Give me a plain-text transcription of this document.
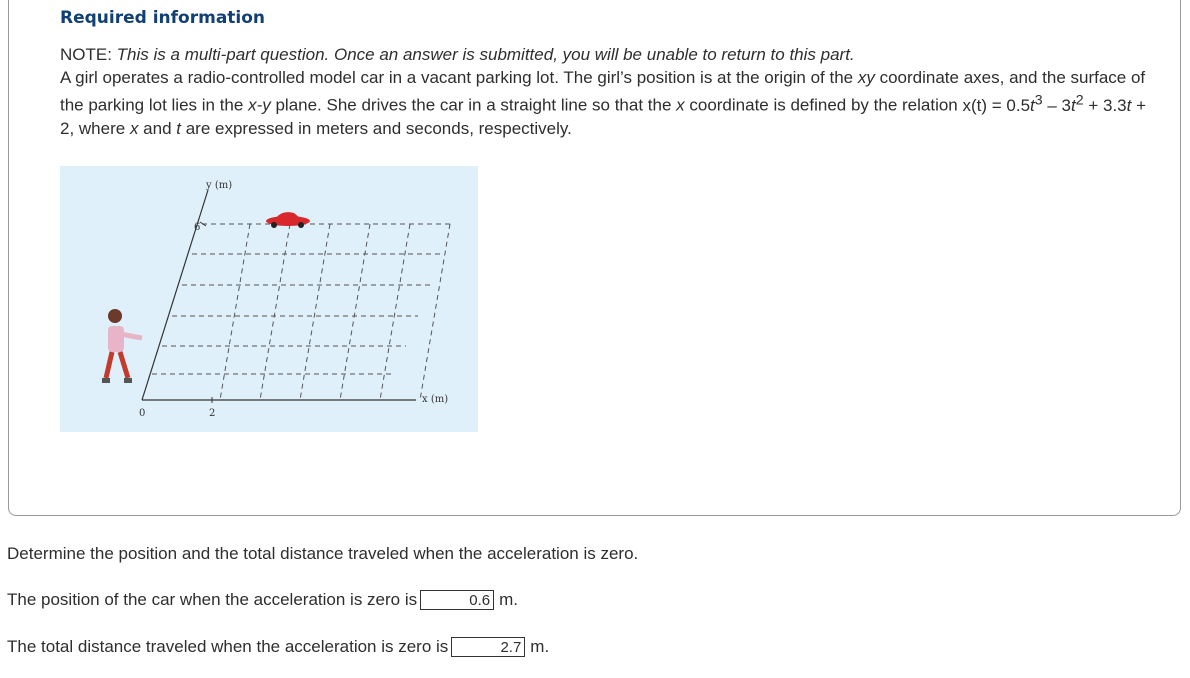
Required information
NOTE: This is a multi-part question. Once an answer is submitted, you will be unable to return to this part.
A girl operates a radio-controlled model car in a vacant parking lot. The girl’s position is at the origin of the xy coordinate axes, and the surface of the parking lot lies in the x-y plane. She drives the car in a straight line so that the x coordinate is defined by the relation $x(t) = 0.5t^3 - 3t^2 + 3.3t + 2$, where x and t are expressed in meters and seconds, respectively.
y (m)
x (m)
6
0	2
Determine the position and the total distance traveled when the acceleration is zero.
The position of the car when the acceleration is zero is	0.6 m.
The total distance traveled when the acceleration is zero is	2.7 m.
